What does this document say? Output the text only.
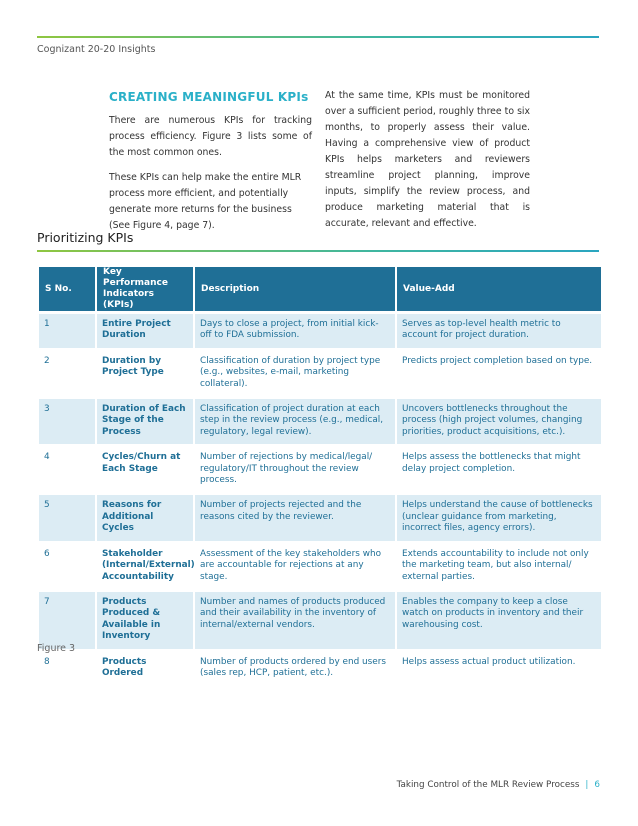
Cognizant 20-20 Insights
CREATING MEANINGFUL KPIs

There are numerous KPIs for tracking process efficiency. Figure 3 lists some of the most common ones.

These KPIs can help make the entire MLR process more efficient, and potentially generate more returns for the business (See Figure 4, page 7).

At the same time, KPIs must be monitored over a sufficient period, roughly three to six months, to properly assess their value. Having a comprehensive view of product KPIs helps marketers and reviewers streamline project planning, improve inputs, simplify the review process, and produce marketing material that is accurate, relevant and effective.

Prioritizing KPIs
S No.	Key Performance Indicators (KPIs)	Description	Value-Add
1	Entire Project Duration	Days to close a project, from initial kick-off to FDA submission.	Serves as top-level health metric to account for project duration.
2	Duration by Project Type	Classification of duration by project type (e.g., websites, e-mail, marketing collateral).	Predicts project completion based on type.
3	Duration of Each Stage of the Process	Classification of project duration at each step in the review process (e.g., medical, regulatory, legal review).	Uncovers bottlenecks throughout the process (high project volumes, changing priorities, product acquisitions, etc.).
4	Cycles/Churn at Each Stage	Number of rejections by medical/legal/ regulatory/IT throughout the review process.	Helps assess the bottlenecks that might delay project completion.
5	Reasons for Additional Cycles	Number of projects rejected and the reasons cited by the reviewer.	Helps understand the cause of bottlenecks (unclear guidance from marketing, incorrect files, agency errors).
6	Stakeholder (Internal/External) Accountability	Assessment of the key stakeholders who are accountable for rejections at any stage.	Extends accountability to include not only the marketing team, but also internal/ external parties.
7	Products Produced & Available in Inventory	Number and names of products produced and their availability in the inventory of internal/external vendors.	Enables the company to keep a close watch on products in inventory and their warehousing cost.
8	Products Ordered	Number of products ordered by end users (sales rep, HCP, patient, etc.).	Helps assess actual product utilization.
Figure 3
Taking Control of the MLR Review Process | 6
